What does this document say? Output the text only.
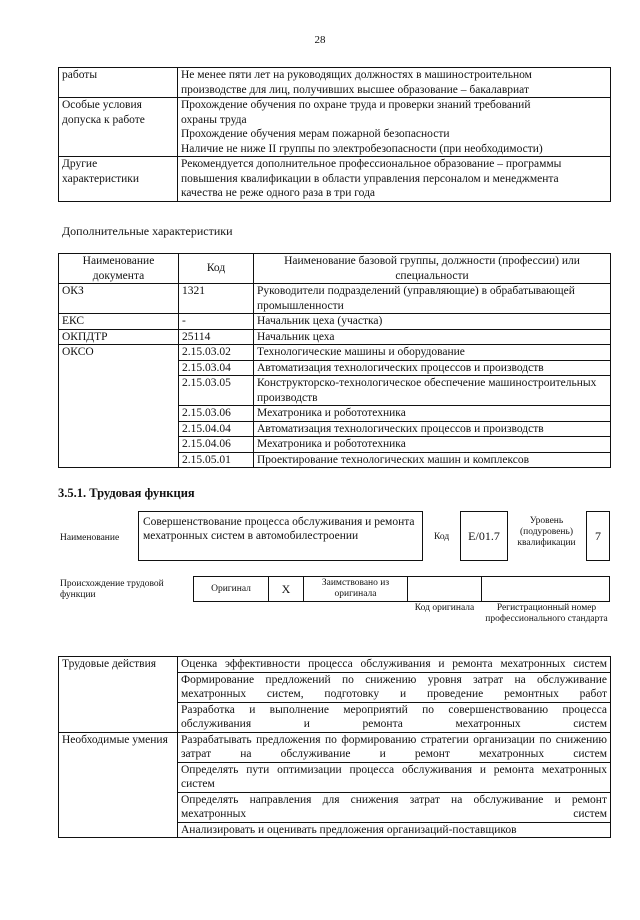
28
работы	Не менее пяти лет на руководящих должностях в машиностроительном
производстве для лиц, получивших высшее образование – бакалавриат

Особые условия допуска к работе	Прохождение обучения по охране труда и проверки знаний требований
охраны труда
Прохождение обучения мерам пожарной безопасности
Наличие не ниже II группы по электробезопасности (при необходимости)

Другие характеристики	Рекомендуется дополнительное профессиональное образование – программы
повышения квалификации в области управления персоналом и менеджмента
качества не реже одного раза в три года
Дополнительные характеристики
Наименование документа	Код	Наименование базовой группы, должности (профессии) или специальности
ОКЗ	1321	Руководители подразделений (управляющие) в обрабатывающей промышленности
ЕКС	-	Начальник цеха (участка)
ОКПДТР	25114	Начальник цеха
ОКСО	2.15.03.02	Технологические машины и оборудование
	2.15.03.04	Автоматизация технологических процессов и производств
	2.15.03.05	Конструкторско-технологическое обеспечение машиностроительных производств
	2.15.03.06	Мехатроника и робототехника
	2.15.04.04	Автоматизация технологических процессов и производств
	2.15.04.06	Мехатроника и робототехника
	2.15.05.01	Проектирование технологических машин и комплексов
3.5.1. Трудовая функция
Наименование
Совершенствование процесса обслуживания и ремонта мехатронных систем в автомобилестроении	Код	E/01.7
Уровень (подуровень) квалификации
7
Происхождение трудовой функции
Оригинал	X	Заимствовано из оригинала
Код оригинала	Регистрационный номер профессионального стандарта
Трудовые действия	Оценка эффективности процесса обслуживания и ремонта мехатронных систем
	Формирование предложений по снижению уровня затрат на обслуживание мехатронных систем, подготовку и проведение ремонтных работ
	Разработка и выполнение мероприятий по совершенствованию процесса обслуживания и ремонта мехатронных систем
Необходимые умения	Разрабатывать предложения по формированию стратегии организации по снижению затрат на обслуживание и ремонт мехатронных систем
	Определять пути оптимизации процесса обслуживания и ремонта мехатронных систем
	Определять направления для снижения затрат на обслуживание и ремонт мехатронных систем
	Анализировать и оценивать предложения организаций-поставщиков
